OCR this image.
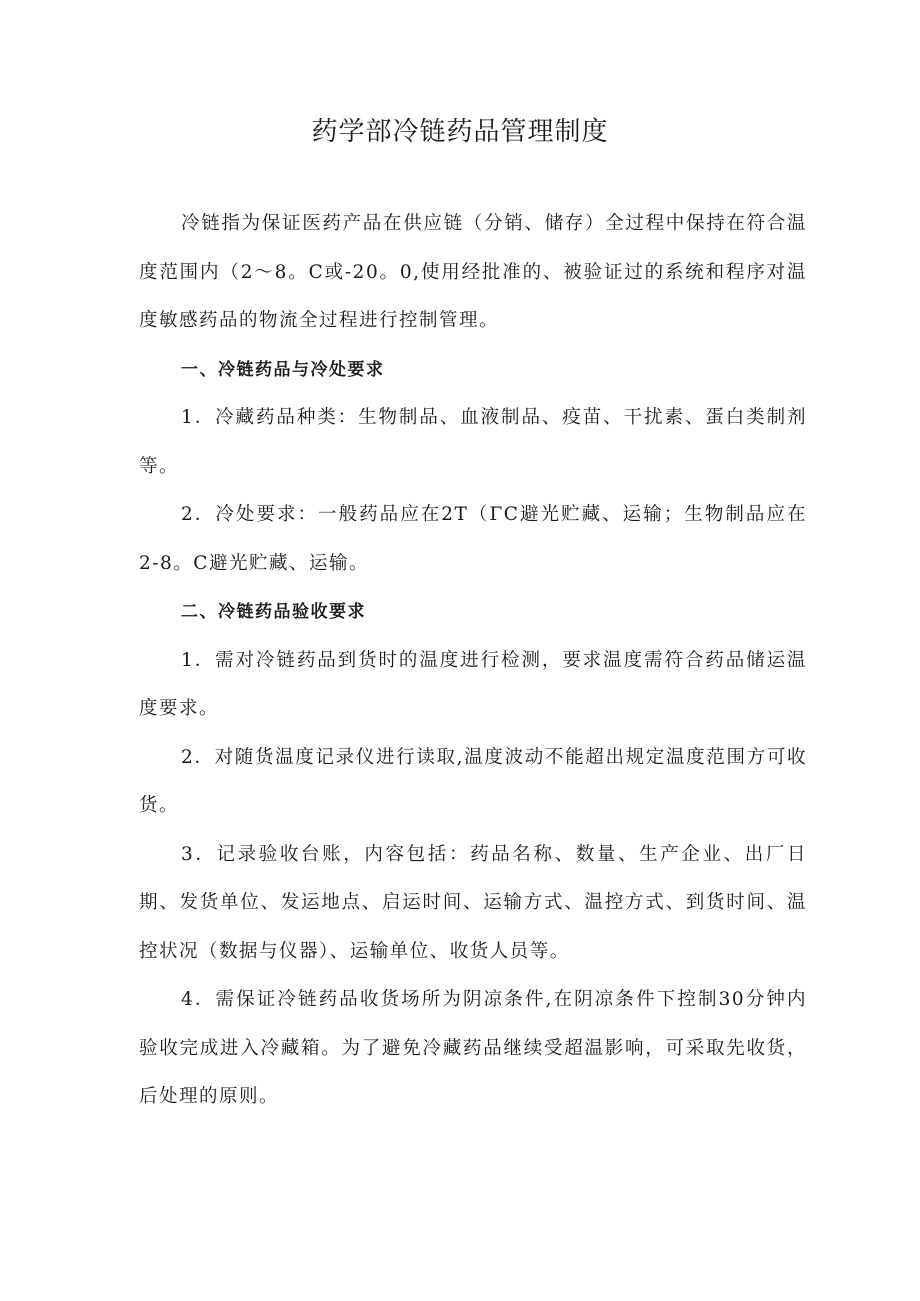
药学部冷链药品管理制度

冷链指为保证医药产品在供应链（分销、储存）全过程中保持在符合温度范围内（2～8。C或-20。0,使用经批准的、被验证过的系统和程序对温度敏感药品的物流全过程进行控制管理。

一、冷链药品与冷处要求

1．冷藏药品种类：生物制品、血液制品、疫苗、干扰素、蛋白类制剂等。

2．冷处要求：一般药品应在2T（ΓC避光贮藏、运输；生物制品应在2-8。C避光贮藏、运输。

二、冷链药品验收要求

1．需对冷链药品到货时的温度进行检测，要求温度需符合药品储运温度要求。

2．对随货温度记录仪进行读取,温度波动不能超出规定温度范围方可收货。

3．记录验收台账，内容包括：药品名称、数量、生产企业、出厂日期、发货单位、发运地点、启运时间、运输方式、温控方式、到货时间、温控状况（数据与仪器）、运输单位、收货人员等。

4．需保证冷链药品收货场所为阴凉条件,在阴凉条件下控制30分钟内验收完成进入冷藏箱。为了避免冷藏药品继续受超温影响，可采取先收货，后处理的原则。
